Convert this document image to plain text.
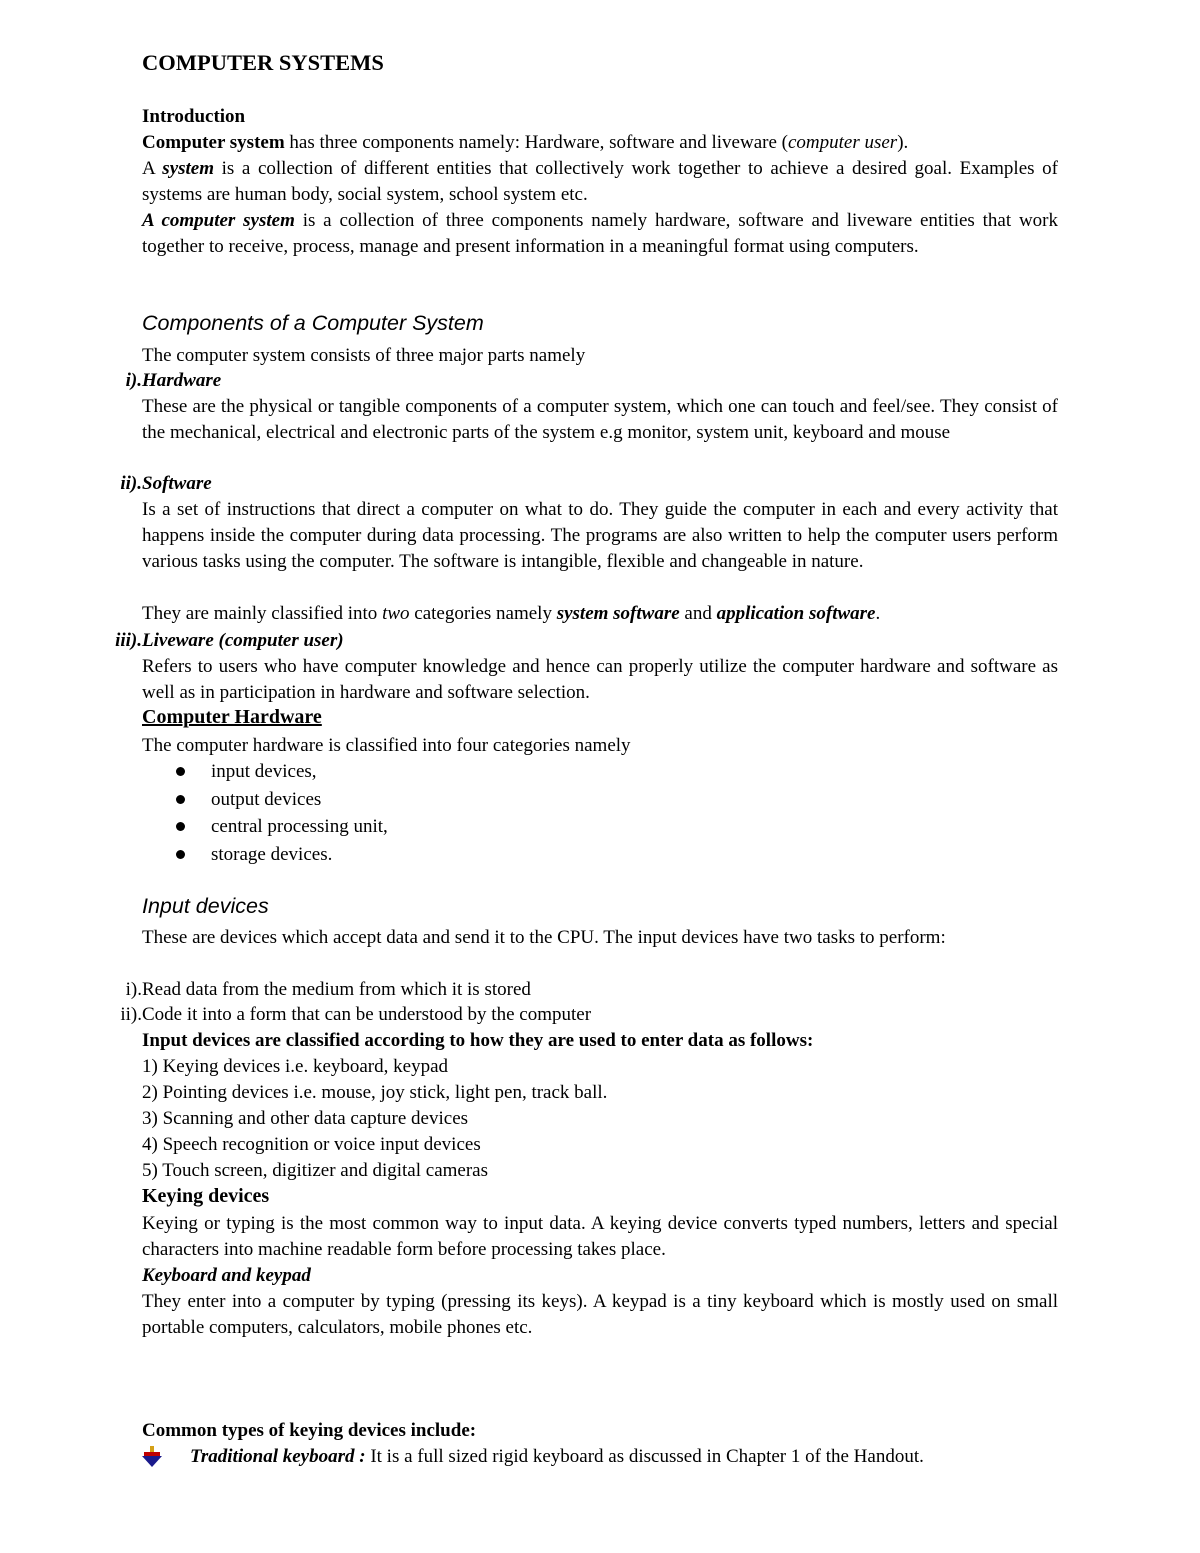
COMPUTER SYSTEMS
Introduction
Computer system has three components namely: Hardware, software and liveware (computer user).
A system is a collection of different entities that collectively work together to achieve a desired goal. Examples of systems are human body, social system, school system etc.
A computer system is a collection of three components namely hardware, software and liveware entities that work together to receive, process, manage and present information in a meaningful format using computers.
Components of a Computer System
The computer system consists of three major parts namely
i). Hardware
These are the physical or tangible components of a computer system, which one can touch and feel/see. They consist of the mechanical, electrical and electronic parts of the system e.g monitor, system unit, keyboard and mouse
ii). Software
Is a set of instructions that direct a computer on what to do. They guide the computer in each and every activity that happens inside the computer during data processing. The programs are also written to help the computer users perform various tasks using the computer. The software is intangible, flexible and changeable in nature.
They are mainly classified into two categories namely system software and application software.
iii). Liveware (computer user)
Refers to users who have computer knowledge and hence can properly utilize the computer hardware and software as well as in participation in hardware and software selection.
Computer Hardware
The computer hardware is classified into four categories namely
input devices,
output devices
central processing unit,
storage devices.
Input devices
These are devices which accept data and send it to the CPU. The input devices have two tasks to perform:
i). Read data from the medium from which it is stored
ii). Code it into a form that can be understood by the computer
Input devices are classified according to how they are used to enter data as follows:
1) Keying devices i.e. keyboard, keypad
2) Pointing devices i.e. mouse, joy stick, light pen, track ball.
3) Scanning and other data capture devices
4) Speech recognition or voice input devices
5) Touch screen, digitizer and digital cameras
Keying devices
Keying or typing is the most common way to input data. A keying device converts typed numbers, letters and special characters into machine readable form before processing takes place.
Keyboard and keypad
They enter into a computer by typing (pressing its keys). A keypad is a tiny keyboard which is mostly used on small portable computers, calculators, mobile phones etc.
Common types of keying devices include:
Traditional keyboard : It is a full sized rigid keyboard as discussed in Chapter 1 of the Handout.
